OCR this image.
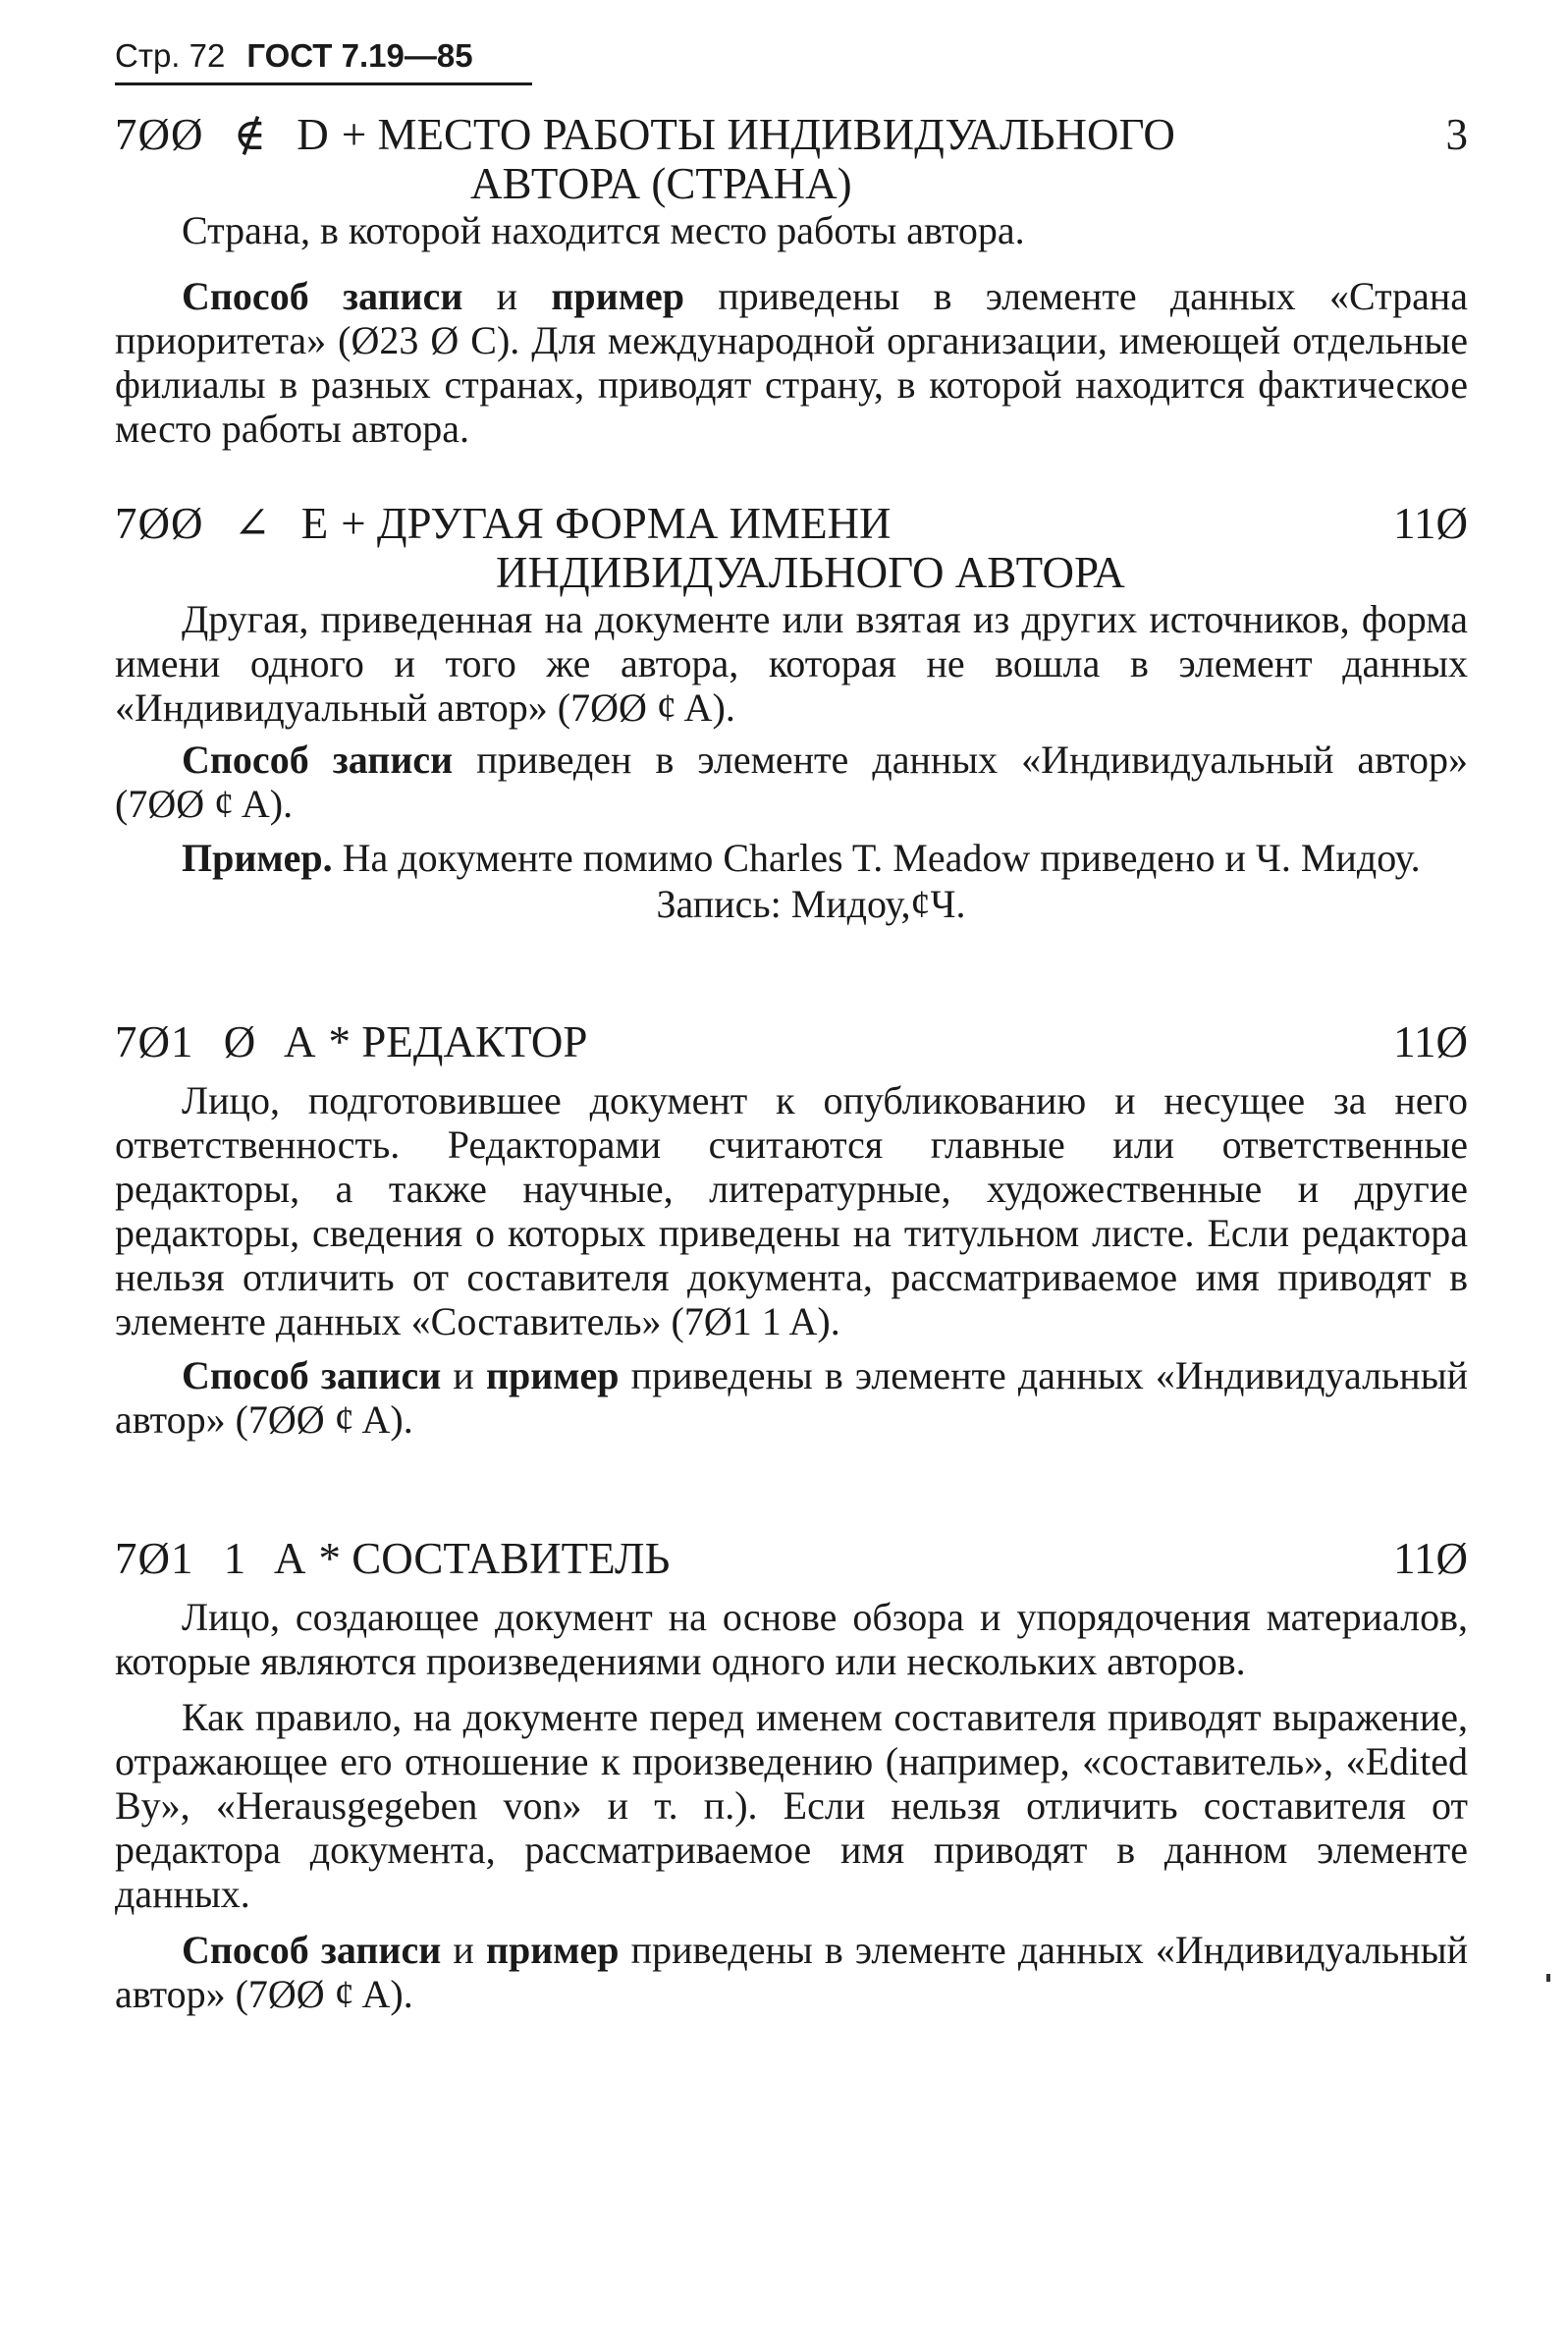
Стр. 72 ГОСТ 7.19—85
7ØØ ∉ D + МЕСТО РАБОТЫ ИНДИВИДУАЛЬНОГО	3
АВТОРА (СТРАНА)

Страна, в которой находится место работы автора.

Способ записи и пример приведены в элементе данных «Страна приоритета» (Ø23 Ø C). Для международной организации, имеющей отдельные филиалы в разных странах, приводят страну, в которой находится фактическое место работы автора.

7ØØ ∠ E + ДРУГАЯ ФОРМА ИМЕНИ	11Ø
ИНДИВИДУАЛЬНОГО АВТОРА

Другая, приведенная на документе или взятая из других источников, форма имени одного и того же автора, которая не вошла в элемент данных «Индивидуальный автор» (7ØØ ¢ A).

Способ записи приведен в элементе данных «Индивидуальный автор» (7ØØ ¢ A).

Пример. На документе помимо Charles T. Meadow приведено и Ч. Мидоу.

Запись: Мидоу,¢Ч.

7Ø1 Ø A * РЕДАКТОР	11Ø

Лицо, подготовившее документ к опубликованию и несущее за него ответственность. Редакторами считаются главные или ответственные редакторы, а также научные, литературные, художественные и другие редакторы, сведения о которых приведены на титульном листе. Если редактора нельзя отличить от составителя документа, рассматриваемое имя приводят в элементе данных «Составитель» (7Ø1 1 A).

Способ записи и пример приведены в элементе данных «Индивидуальный автор» (7ØØ ¢ A).

7Ø1 1 A * СОСТАВИТЕЛЬ	11Ø

Лицо, создающее документ на основе обзора и упорядочения материалов, которые являются произведениями одного или нескольких авторов.

Как правило, на документе перед именем составителя приводят выражение, отражающее его отношение к произведению (например, «составитель», «Edited By», «Herausgegeben von» и т. п.). Если нельзя отличить составителя от редактора документа, рассматриваемое имя приводят в данном элементе данных.

Способ записи и пример приведены в элементе данных «Индивидуальный автор» (7ØØ ¢ A).
